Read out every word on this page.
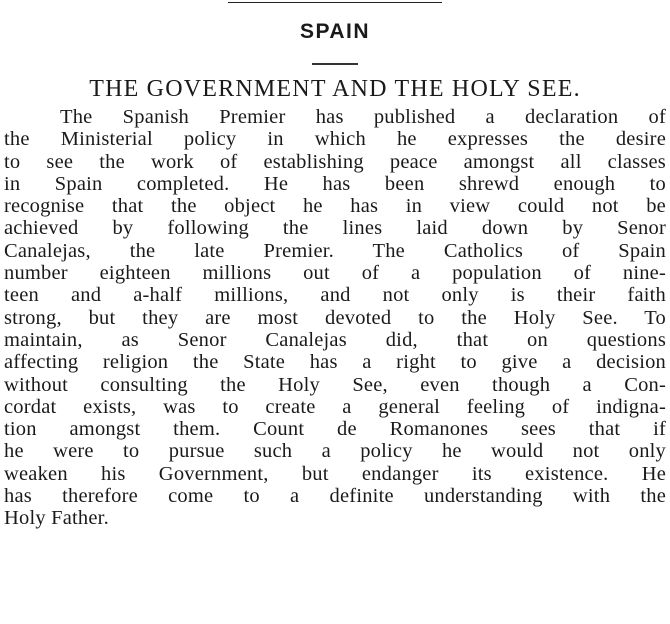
SPAIN
THE GOVERNMENT AND THE HOLY SEE.
The Spanish Premier has published a declaration of
the Ministerial policy in which he expresses the desire
to see the work of establishing peace amongst all classes
in Spain completed. He has been shrewd enough to
recognise that the object he has in view could not be
achieved by following the lines laid down by Senor
Canalejas, the late Premier. The Catholics of Spain
number eighteen millions out of a population of nine-
teen and a-half millions, and not only is their faith
strong, but they are most devoted to the Holy See. To
maintain, as Senor Canalejas did, that on questions
affecting religion the State has a right to give a decision
without consulting the Holy See, even though a Con-
cordat exists, was to create a general feeling of indigna-
tion amongst them. Count de Romanones sees that if
he were to pursue such a policy he would not only
weaken his Government, but endanger its existence. He
has therefore come to a definite understanding with the
Holy Father.
